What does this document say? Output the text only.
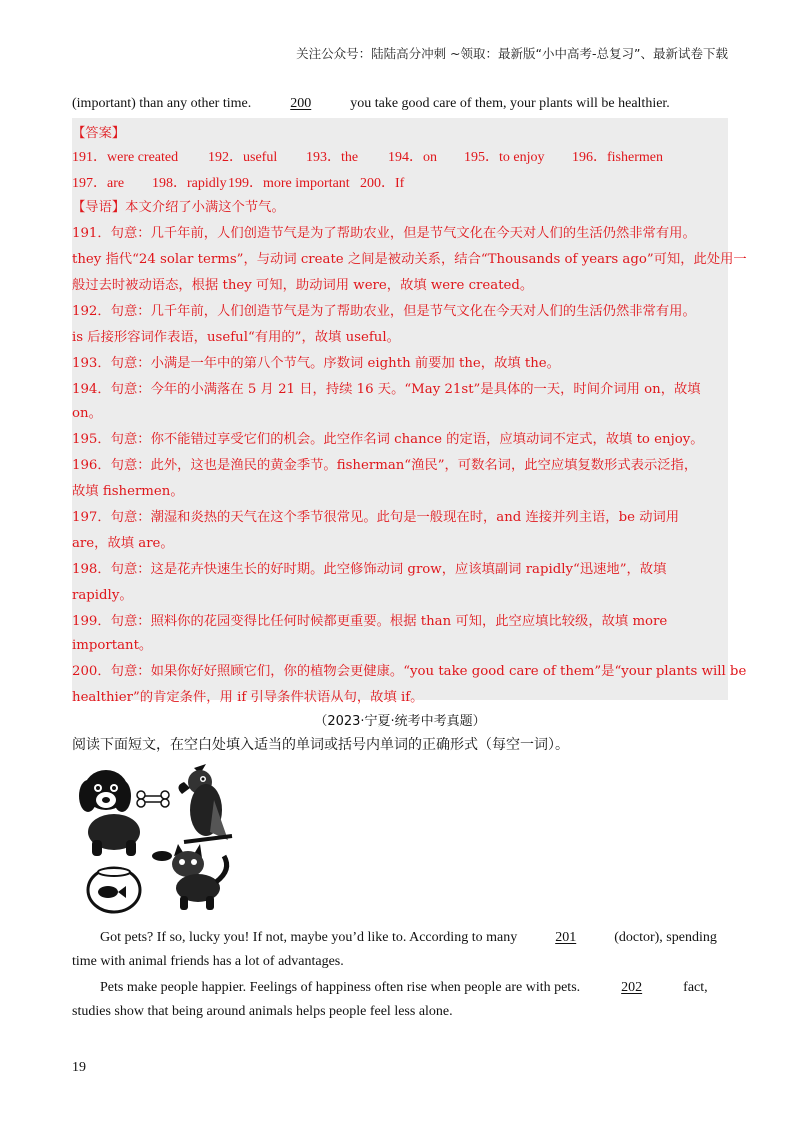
关注公众号：陆陆高分冲刺 ~领取：最新版“小中高考-总复习”、最新试卷下载
(important) than any other time.	200	you take good care of them, your plants will be healthier.
【答案】
191．were created 192．useful 193．the 194．on 195．to enjoy 196．fishermen
197．are 198．rapidly 199．more important 200．If
【导语】本文介绍了小满这个节气。
191．句意：几千年前，人们创造节气是为了帮助农业，但是节气文化在今天对人们的生活仍然非常有用。
they 指代“24 solar terms”，与动词 create 之间是被动关系，结合“Thousands of years ago”可知，此处用一
般过去时被动语态，根据 they 可知，助动词用 were，故填 were created。
192．句意：几千年前，人们创造节气是为了帮助农业，但是节气文化在今天对人们的生活仍然非常有用。
is 后接形容词作表语，useful“有用的”，故填 useful。
193．句意：小满是一年中的第八个节气。序数词 eighth 前要加 the，故填 the。
194．句意：今年的小满落在 5 月 21 日，持续 16 天。“May 21st”是具体的一天，时间介词用 on，故填
on。
195．句意：你不能错过享受它们的机会。此空作名词 chance 的定语，应填动词不定式，故填 to enjoy。
196．句意：此外，这也是渔民的黄金季节。fisherman“渔民”，可数名词，此空应填复数形式表示泛指，
故填 fishermen。
197．句意：潮湿和炎热的天气在这个季节很常见。此句是一般现在时，and 连接并列主语，be 动词用
are，故填 are。
198．句意：这是花卉快速生长的好时期。此空修饰动词 grow，应该填副词 rapidly“迅速地”，故填
rapidly。
199．句意：照料你的花园变得比任何时候都更重要。根据 than 可知，此空应填比较级，故填 more
important。
200．句意：如果你好好照顾它们，你的植物会更健康。“you take good care of them”是“your plants will be
healthier”的肯定条件，用 if 引导条件状语从句，故填 if。
（2023·宁夏·统考中考真题）
阅读下面短文，在空白处填入适当的单词或括号内单词的正确形式（每空一词）。
Got pets? If so, lucky you! If not, maybe you’d like to. According to many	201	(doctor), spending
time with animal friends has a lot of advantages.
Pets make people happier. Feelings of happiness often rise when people are with pets.	202	fact,
studies show that being around animals helps people feel less alone.
19
